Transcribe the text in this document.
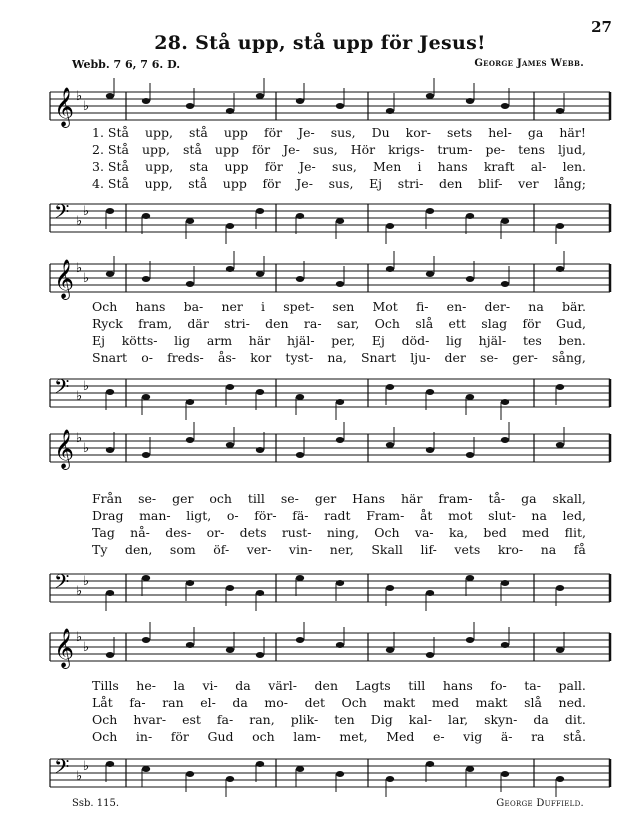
27
28. Stå upp, stå upp för Jesus!
Webb. 7 6, 7 6. D.	George James Webb.
𝄞 ♭
♭
1. Stå upp, stå upp för Je- sus, Du kor- sets hel- ga här!
2. Stå upp, stå upp för Je- sus, Hör krigs- trum- pe- tens ljud,
3. Stå upp, sta upp för Je- sus, Men i hans kraft al- len.
4. Stå upp, stå upp för Je- sus, Ej stri- den blif- ver lång;
𝄢 ♭
♭
𝄞 ♭
♭
Och hans ba- ner i spet- sen Mot fi- en- der- na bär.
Ryck fram, där stri- den ra- sar, Och slå ett slag för Gud,
Ej kötts- lig arm här hjäl- per, Ej död- lig hjäl- tes ben.
Snart o- freds- ås- kor tyst- na, Snart lju- der se- ger- sång,
𝄢 ♭
♭
𝄞 ♭
♭
Från se- ger och till se- ger Hans här fram- tå- ga skall,
Drag man- ligt, o- för- fä- radt Fram- åt mot slut- na led,
Tag nå- des- or- dets rust- ning, Och va- ka, bed med flit,
Ty den, som öf- ver- vin- ner, Skall lif- vets kro- na få
𝄢 ♭
♭
𝄞 ♭
♭
Tills he- la vi- da värl- den Lagts till hans fo- ta- pall.
Låt fa- ran el- da mo- det Och makt med makt slå ned.
Och hvar- est fa- ran, plik- ten Dig kal- lar, skyn- da dit.
Och in- för Gud och lam- met, Med e- vig ä- ra stå.
𝄢 ♭
♭
Ssb. 115.	George Duffield.
